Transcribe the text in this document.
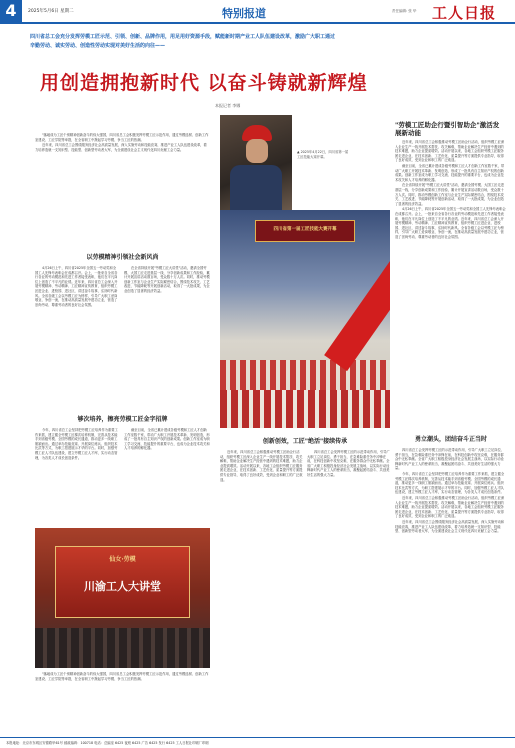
4	2025年5月6日 星期二	特别报道	责任编辑: 张 华 工人日报
四川省总工会充分发挥劳模工匠示范、引领、创新、品牌作用，用足用好资源手段，赋能新时期产业工人队伍建设改革，激励广大职工通过
辛勤劳动、诚实劳动、创造性劳动实现对美好生活的向往——
用创造拥抱新时代 以奋斗铸就新辉煌
本报记者 李娜

"落地成为工匠个别精神创新奋斗的伟大强国，四川省总工会积极发挥劳模工匠示范作用，通过劳模选树、创新工作室建设、工匠学院等举措，在全省职工中掀起学习劳模、争当工匠的热潮。

近年来，四川省总工会围绕服务经济社会高质量发展，深入实施劳动和技能竞赛，推进产业工人队伍建设改革，着力培养造就一支知识型、技能型、创新型劳动者大军，为全面建设社会主义现代化四川贡献工会力量。

▲ 2025年4月22日，四川省第一届工匠技能大赛开幕。
"劳模工匠助企行暨引智助企"激活发展新动能

近年来，四川省总工会积极推动劳模工匠助企行活动，组织劳模工匠深入企业生产一线开展技术帮扶、攻关解难，帮助企业解决生产经营中遇到的技术难题，助力企业提质增效。活动开展以来，各地工会组织劳模工匠服务团走进企业，在技术创新、工艺优化、质量提升等方面提供专业指导，取得了良好成效，受到企业和职工的广泛欢迎。

截至目前，全省已累计建成各级劳模和工匠人才创新工作室数千家，带动广大职工开展技术革新、发明创造，形成了一批具有自主知识产权的创新成果。创新工作室成为职工学习交流、技能提升的重要平台，也成为企业技术攻关和人才培养的孵化器。

在全省持续开展"劳模工匠大讲堂"活动，邀请全国劳模、大国工匠走进基层一线，分享创新成果和工作经验，累计开展宣讲活动数百场，受众数十万人次。同时，推动劳模创新工作室与企业生产实际紧密结合，围绕技术攻关、工艺改进、节能降耗等开展创新活动，取得了一大批成果，为企业创造了显著的经济效益。

4月26日上午，四川省2025年全国五一劳动奖和全国工人先锋号表彰会在成都召开。会上，一批来自全省各行各业的劳动模范和先进工作者接受表彰，他们在平凡岗位上创造了不平凡的业绩。近年来，四川省总工会深入开展劳模精神、劳动精神、工匠精神宣传教育，组织劳模工匠进企业、进校园、进社区，讲述奋斗故事，弘扬时代新风。全省各级工会以劳模工匠为榜样，引导广大职工爱岗敬业、争创一流，在推动高质量发展中建功立业，营造了崇尚劳动、尊重劳动者的良好社会氛围。

四川省第一届工匠技能大赛开幕
以劳模精神引领社会新风尚
4月26日上午，四川省2025年全国五一劳动奖和全国工人先锋号表彰会在成都召开。会上，一批来自全省各行各业的劳动模范和先进工作者接受表彰，他们在平凡岗位上创造了不平凡的业绩。近年来，四川省总工会深入开展劳模精神、劳动精神、工匠精神宣传教育，组织劳模工匠进企业、进校园、进社区，讲述奋斗故事，弘扬时代新风。全省各级工会以劳模工匠为榜样，引导广大职工爱岗敬业、争创一流，在推动高质量发展中建功立业，营造了崇尚劳动、尊重劳动者的良好社会氛围。
在全省持续开展"劳模工匠大讲堂"活动，邀请全国劳模、大国工匠走进基层一线，分享创新成果和工作经验，累计开展宣讲活动数百场，受众数十万人次。同时，推动劳模创新工作室与企业生产实际紧密结合，围绕技术攻关、工艺改进、节能降耗等开展创新活动，取得了一大批成果，为企业创造了显著的经济效益。
够次培养，擦亮劳模工匠金字招牌
今年，四川省总工会坚持把劳模工匠培养作为重要工作来抓，建立健全劳模工匠梯次培养机制，完善从技术能手到省级劳模、全国劳模的成长通道，推动更多一线职工脱颖而出。通过举办技能竞赛、开展岗位练兵、组织技术比武等方式，为职工搭建展示才华的平台。同时，加强劳模工匠人才队伍建设，建立劳模工匠人才库，实行动态管理，为各类人才成长创造条件。
截至目前，全省已累计建成各级劳模和工匠人才创新工作室数千家，带动广大职工开展技术革新、发明创造，形成了一批具有自主知识产权的创新成果。创新工作室成为职工学习交流、技能提升的重要平台，也成为企业技术攻关和人才培养的孵化器。
创新创效，工匠"绝活"接续传承
近年来，四川省总工会积极推动劳模工匠助企行活动，组织劳模工匠深入企业生产一线开展技术帮扶、攻关解难，帮助企业解决生产经营中遇到的技术难题，助力企业提质增效。活动开展以来，各地工会组织劳模工匠服务团走进企业，在技术创新、工艺优化、质量提升等方面提供专业指导，取得了良好成效，受到企业和职工的广泛欢迎。
四川省总工会发挥劳模工匠的示范带动作用，引导广大职工立足岗位、勇于担当，在急难险重任务中冲锋在前，在科技创新中攻坚克难，在服务群众中无私奉献。全省广大职工积极投身经济社会发展主战场，以实际行动诠释新时代产业工人的使命担当，凝聚起团结奋斗、共创美好生活的强大力量。
勇立潮头，团结奋斗正当时

四川省总工会发挥劳模工匠的示范带动作用，引导广大职工立足岗位、勇于担当，在急难险重任务中冲锋在前，在科技创新中攻坚克难，在服务群众中无私奉献。全省广大职工积极投身经济社会发展主战场，以实际行动诠释新时代产业工人的使命担当，凝聚起团结奋斗、共创美好生活的强大力量。

今年，四川省总工会坚持把劳模工匠培养作为重要工作来抓，建立健全劳模工匠梯次培养机制，完善从技术能手到省级劳模、全国劳模的成长通道，推动更多一线职工脱颖而出。通过举办技能竞赛、开展岗位练兵、组织技术比武等方式，为职工搭建展示才华的平台。同时，加强劳模工匠人才队伍建设，建立劳模工匠人才库，实行动态管理，为各类人才成长创造条件。

近年来，四川省总工会积极推动劳模工匠助企行活动，组织劳模工匠深入企业生产一线开展技术帮扶、攻关解难，帮助企业解决生产经营中遇到的技术难题，助力企业提质增效。活动开展以来，各地工会组织劳模工匠服务团走进企业，在技术创新、工艺优化、质量提升等方面提供专业指导，取得了良好成效，受到企业和职工的广泛欢迎。

近年来，四川省总工会围绕服务经济社会高质量发展，深入实施劳动和技能竞赛，推进产业工人队伍建设改革，着力培养造就一支知识型、技能型、创新型劳动者大军，为全面建设社会主义现代化四川贡献工会力量。

仙女·劳模
川渝工人大讲堂
"落地成为工匠个别精神创新奋斗的伟大强国，四川省总工会积极发挥劳模工匠示范作用，通过劳模选树、创新工作室建设、工匠学院等举措，在全省职工中掀起学习劳模、争当工匠的热潮。
本报地址：北京市东城区安德路甲61号 邮政编码：100718 电话：总编室 6425 夜班 6425 广告 6425 发行 6425 工人日报社印刷厂印刷
